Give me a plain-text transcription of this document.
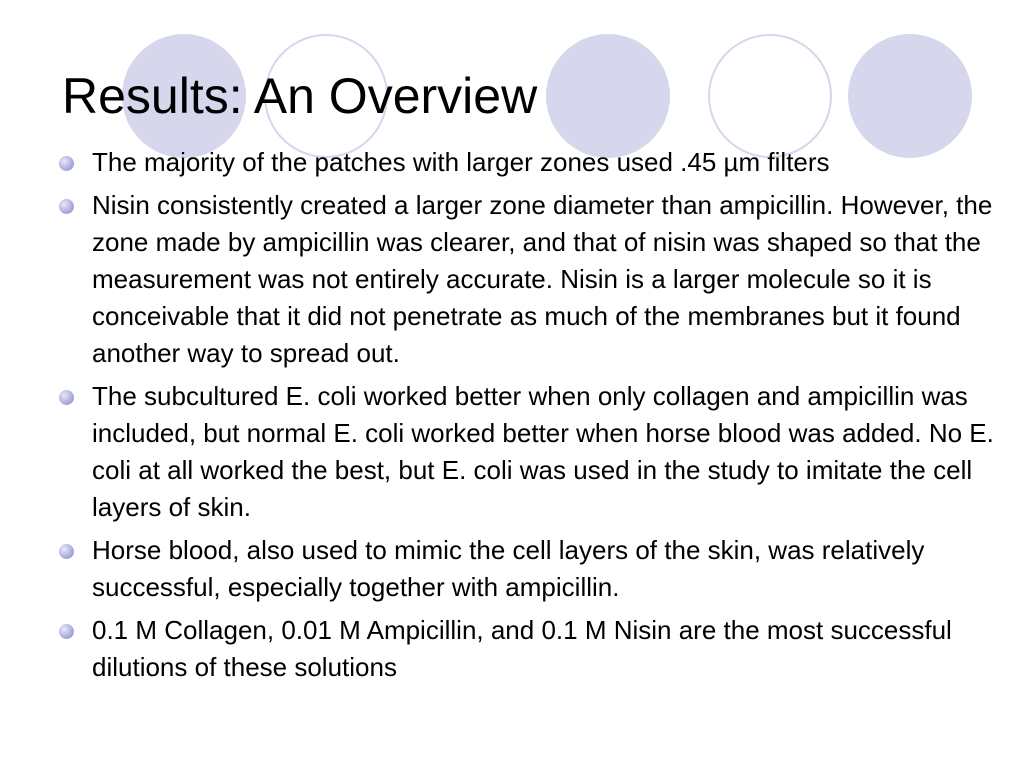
Results: An Overview
The majority of the patches with larger zones used .45 µm filters
Nisin consistently created a larger zone diameter than ampicillin. However, the zone made by ampicillin was clearer, and that of nisin was shaped so that the measurement was not entirely accurate. Nisin is a larger molecule so it is conceivable that it did not penetrate as much of the membranes but it found another way to spread out.
The subcultured E. coli worked better when only collagen and ampicillin was included, but normal E. coli worked better when horse blood was added. No E. coli at all worked the best, but E. coli was used in the study to imitate the cell layers of skin.
Horse blood, also used to mimic the cell layers of the skin, was relatively successful, especially together with ampicillin.
0.1 M Collagen, 0.01 M Ampicillin, and 0.1 M Nisin are the most successful dilutions of these solutions
